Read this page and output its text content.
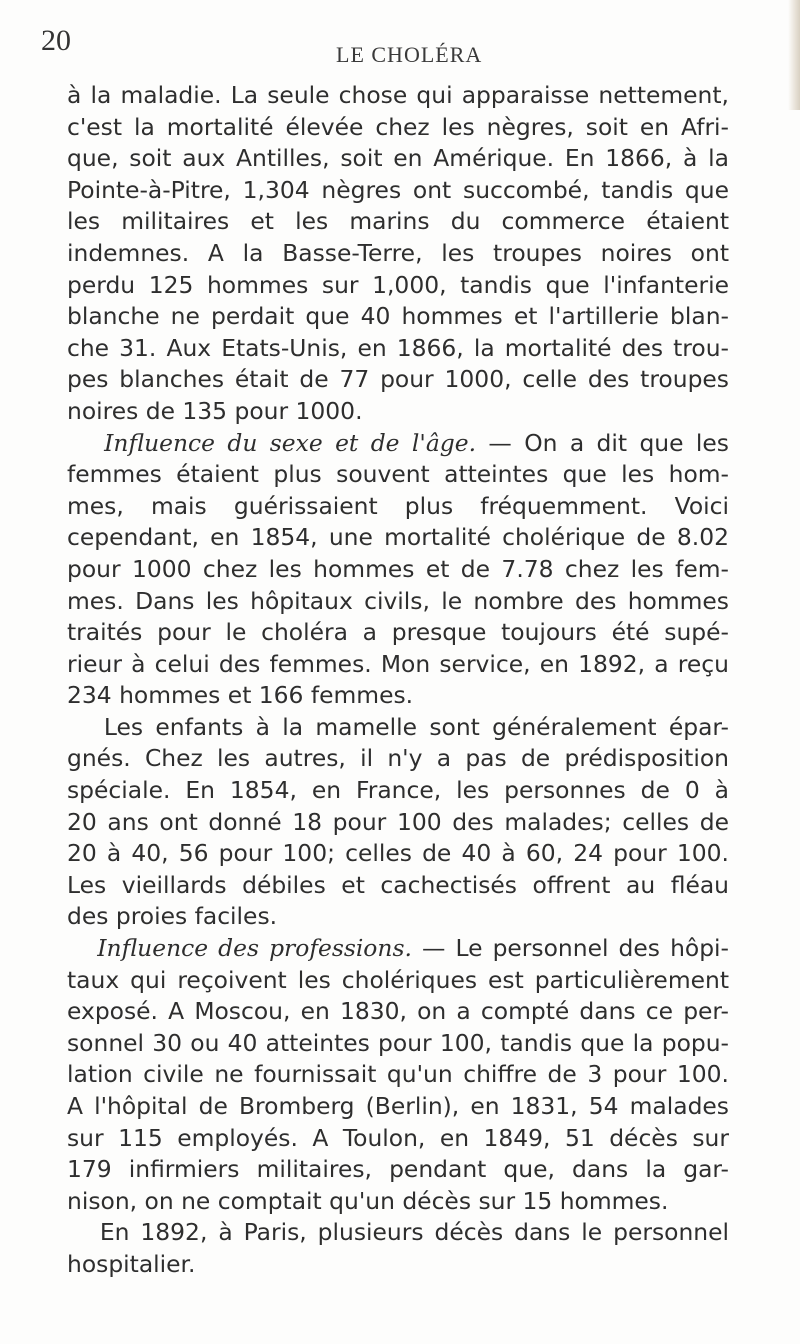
20	LE CHOLÉRA

à la maladie. La seule chose qui apparaisse nettement,
c'est la mortalité élevée chez les nègres, soit en Afri-
que, soit aux Antilles, soit en Amérique. En 1866, à la
Pointe-à-Pitre, 1,304 nègres ont succombé, tandis que
les militaires et les marins du commerce étaient
indemnes. A la Basse-Terre, les troupes noires ont
perdu 125 hommes sur 1,000, tandis que l'infanterie
blanche ne perdait que 40 hommes et l'artillerie blan-
che 31. Aux Etats-Unis, en 1866, la mortalité des trou-
pes blanches était de 77 pour 1000, celle des troupes
noires de 135 pour 1000.
Influence du sexe et de l'âge. — On a dit que les
femmes étaient plus souvent atteintes que les hom-
mes, mais guérissaient plus fréquemment. Voici
cependant, en 1854, une mortalité cholérique de 8.02
pour 1000 chez les hommes et de 7.78 chez les fem-
mes. Dans les hôpitaux civils, le nombre des hommes
traités pour le choléra a presque toujours été supé-
rieur à celui des femmes. Mon service, en 1892, a reçu
234 hommes et 166 femmes.
Les enfants à la mamelle sont généralement épar-
gnés. Chez les autres, il n'y a pas de prédisposition
spéciale. En 1854, en France, les personnes de 0 à
20 ans ont donné 18 pour 100 des malades; celles de
20 à 40, 56 pour 100; celles de 40 à 60, 24 pour 100.
Les vieillards débiles et cachectisés offrent au fléau
des proies faciles.
Influence des professions. — Le personnel des hôpi-
taux qui reçoivent les cholériques est particulièrement
exposé. A Moscou, en 1830, on a compté dans ce per-
sonnel 30 ou 40 atteintes pour 100, tandis que la popu-
lation civile ne fournissait qu'un chiffre de 3 pour 100.
A l'hôpital de Bromberg (Berlin), en 1831, 54 malades
sur 115 employés. A Toulon, en 1849, 51 décès sur
179 infirmiers militaires, pendant que, dans la gar-
nison, on ne comptait qu'un décès sur 15 hommes.
En 1892, à Paris, plusieurs décès dans le personnel
hospitalier.
